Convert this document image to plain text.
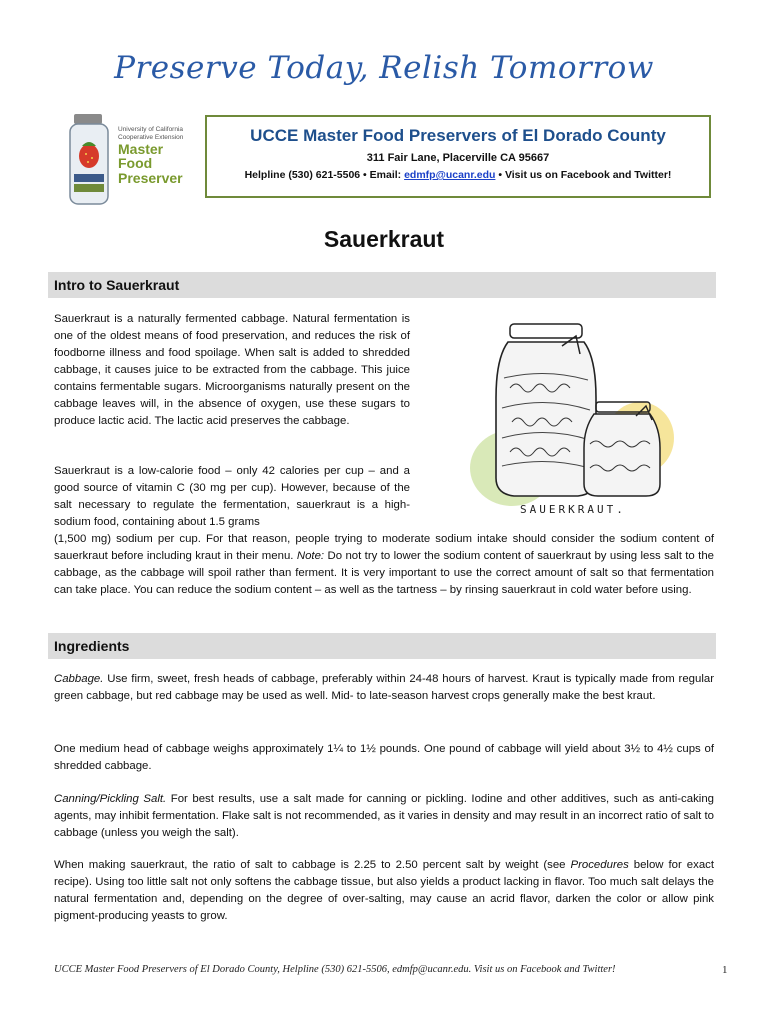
Preserve Today, Relish Tomorrow
University of California
Cooperative Extension
Master
Food
Preserver
UCCE Master Food Preservers of El Dorado County
311 Fair Lane, Placerville CA 95667
Helpline (530) 621-5506 • Email: edmfp@ucanr.edu • Visit us on Facebook and Twitter!
Sauerkraut
Intro to Sauerkraut
Sauerkraut is a naturally fermented cabbage. Natural fermentation is one of the oldest means of food preservation, and reduces the risk of foodborne illness and food spoilage. When salt is added to shredded cabbage, it causes juice to be extracted from the cabbage. This juice contains fermentable sugars. Microorganisms naturally present on the cabbage leaves will, in the absence of oxygen, use these sugars to produce lactic acid. The lactic acid preserves the cabbage.
Sauerkraut is a low-calorie food – only 42 calories per cup – and a good source of vitamin C (30 mg per cup). However, because of the salt necessary to regulate the fermentation, sauerkraut is a high-sodium food, containing about 1.5 grams
(1,500 mg) sodium per cup. For that reason, people trying to moderate sodium intake should consider the sodium content of sauerkraut before including kraut in their menu. Note: Do not try to lower the sodium content of sauerkraut by using less salt to the cabbage, as the cabbage will spoil rather than ferment. It is very important to use the correct amount of salt so that fermentation can take place. You can reduce the sodium content – as well as the tartness – by rinsing sauerkraut in cold water before using.
SAUERKRAUT.
Ingredients
Cabbage. Use firm, sweet, fresh heads of cabbage, preferably within 24-48 hours of harvest. Kraut is typically made from regular green cabbage, but red cabbage may be used as well. Mid- to late-season harvest crops generally make the best kraut.
One medium head of cabbage weighs approximately 1¼ to 1½ pounds. One pound of cabbage will yield about 3½ to 4½ cups of shredded cabbage.
Canning/Pickling Salt. For best results, use a salt made for canning or pickling. Iodine and other additives, such as anti-caking agents, may inhibit fermentation. Flake salt is not recommended, as it varies in density and may result in an incorrect ratio of salt to cabbage (unless you weigh the salt).
When making sauerkraut, the ratio of salt to cabbage is 2.25 to 2.50 percent salt by weight (see Procedures below for exact recipe). Using too little salt not only softens the cabbage tissue, but also yields a product lacking in flavor. Too much salt delays the natural fermentation and, depending on the degree of over-salting, may cause an acrid flavor, darken the color or allow pink pigment-producing yeasts to grow.
UCCE Master Food Preservers of El Dorado County, Helpline (530) 621-5506, edmfp@ucanr.edu. Visit us on Facebook and Twitter!	1
